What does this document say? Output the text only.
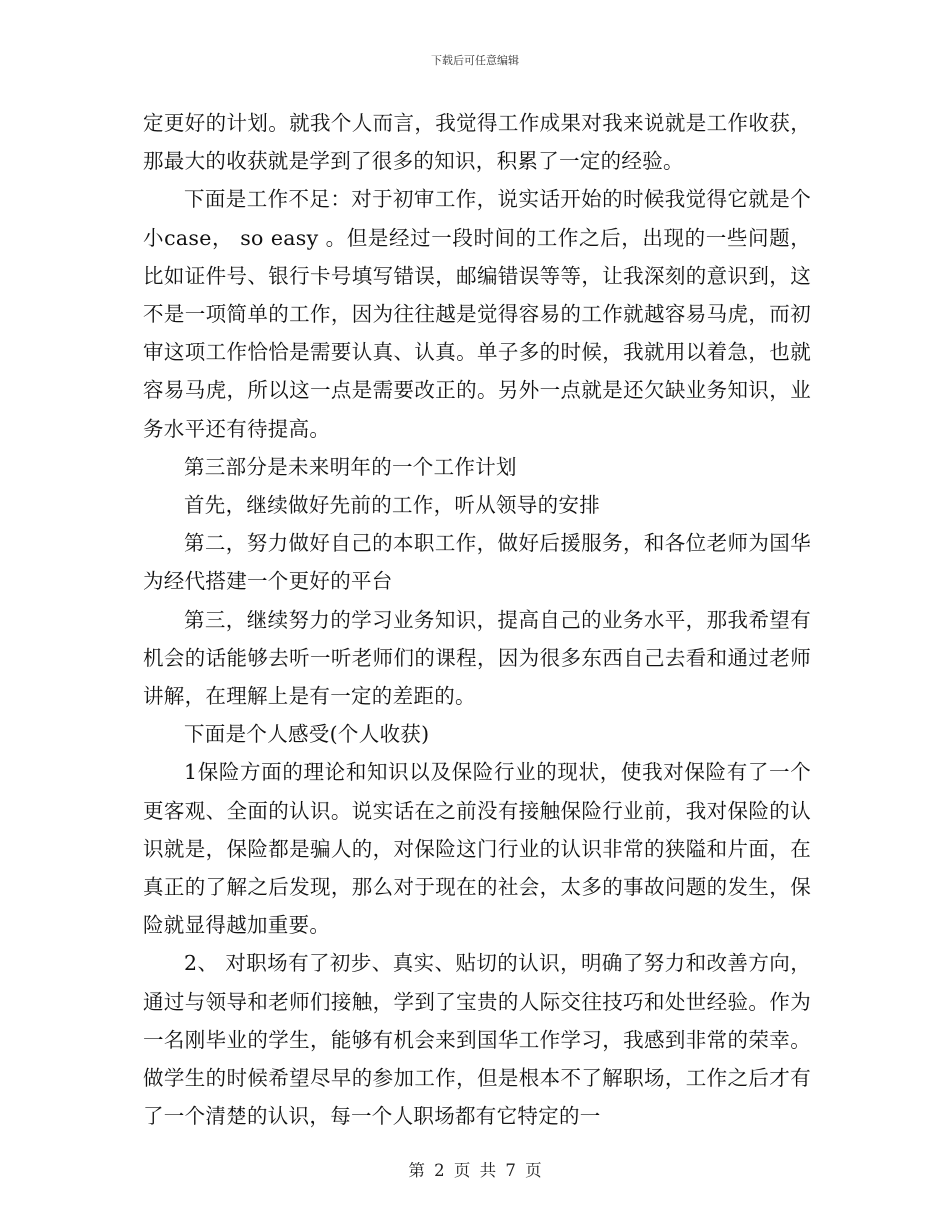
下载后可任意编辑

定更好的计划。就我个人而言，我觉得工作成果对我来说就是工作收获，那最大的收获就是学到了很多的知识，积累了一定的经验。

下面是工作不足：对于初审工作，说实话开始的时候我觉得它就是个小case， so easy 。但是经过一段时间的工作之后，出现的一些问题，比如证件号、银行卡号填写错误，邮编错误等等，让我深刻的意识到，这不是一项简单的工作，因为往往越是觉得容易的工作就越容易马虎，而初审这项工作恰恰是需要认真、认真。单子多的时候，我就用以着急，也就容易马虎，所以这一点是需要改正的。另外一点就是还欠缺业务知识，业务水平还有待提高。

第三部分是未来明年的一个工作计划

首先，继续做好先前的工作，听从领导的安排

第二，努力做好自己的本职工作，做好后援服务，和各位老师为国华为经代搭建一个更好的平台

第三，继续努力的学习业务知识，提高自己的业务水平，那我希望有机会的话能够去听一听老师们的课程，因为很多东西自己去看和通过老师讲解，在理解上是有一定的差距的。

下面是个人感受(个人收获)

1保险方面的理论和知识以及保险行业的现状，使我对保险有了一个更客观、全面的认识。说实话在之前没有接触保险行业前，我对保险的认识就是，保险都是骗人的，对保险这门行业的认识非常的狭隘和片面，在真正的了解之后发现，那么对于现在的社会，太多的事故问题的发生，保险就显得越加重要。

2、 对职场有了初步、真实、贴切的认识，明确了努力和改善方向，通过与领导和老师们接触，学到了宝贵的人际交往技巧和处世经验。作为一名刚毕业的学生，能够有机会来到国华工作学习，我感到非常的荣幸。做学生的时候希望尽早的参加工作，但是根本不了解职场，工作之后才有了一个清楚的认识，每一个人职场都有它特定的一

第 2 页 共 7 页
